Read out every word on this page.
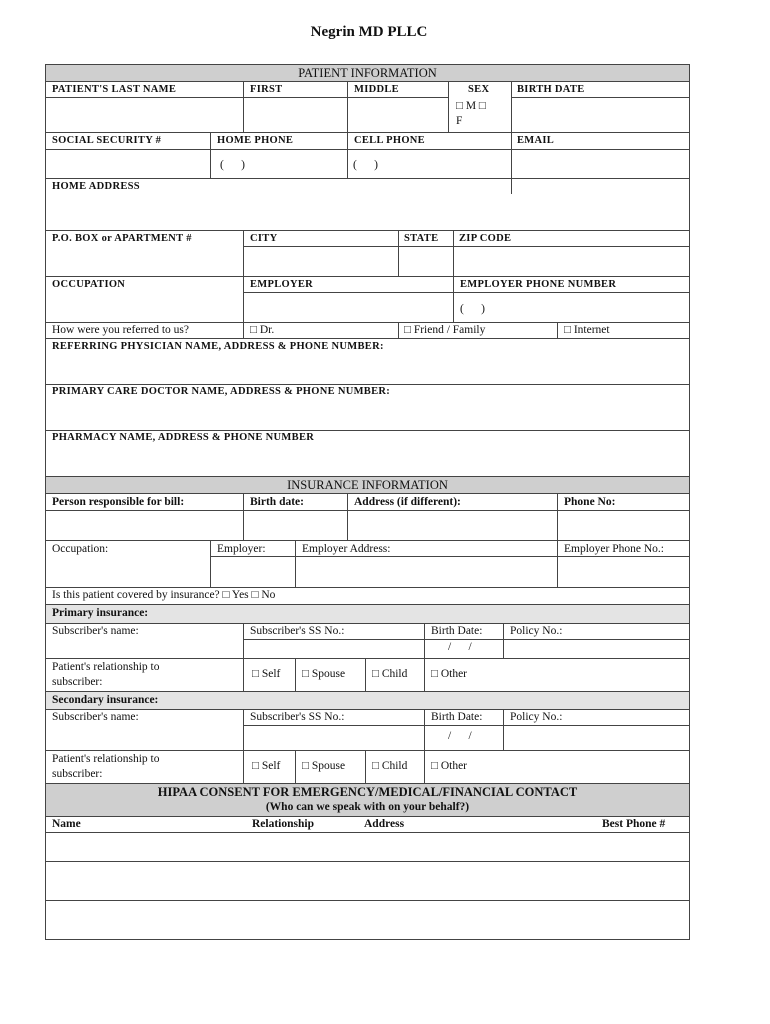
Negrin MD PLLC
PATIENT INFORMATION
PATIENT'S LAST NAME	FIRST	MIDDLE	SEX	BIRTH DATE
□ M □
F
SOCIAL SECURITY #	HOME PHONE	CELL PHONE	EMAIL
(      )	(      )
HOME ADDRESS
P.O. BOX or APARTMENT #	CITY	STATE ZIP CODE
OCCUPATION	EMPLOYER	EMPLOYER PHONE NUMBER
(      )
How were you referred to us?	□ Dr.	□ Friend / Family	□ Internet
REFERRING PHYSICIAN NAME, ADDRESS & PHONE NUMBER:
PRIMARY CARE DOCTOR NAME, ADDRESS & PHONE NUMBER:
PHARMACY NAME, ADDRESS & PHONE NUMBER
INSURANCE INFORMATION
Person responsible for bill:	Birth date:	Address (if different):	Phone No:
Occupation:	Employer:	Employer Address:	Employer Phone No.:
Is this patient covered by insurance? □ Yes □ No
Primary insurance:
Subscriber's name:	Subscriber's SS No.:	Birth Date: Policy No.:
/      /
Patient's relationship to
subscriber:
□ Self □ Spouse □ Child □ Other
Secondary insurance:
Subscriber's name:	Subscriber's SS No.:	Birth Date: Policy No.:
/      /
Patient's relationship to
subscriber:
□ Self □ Spouse □ Child □ Other
HIPAA CONSENT FOR EMERGENCY/MEDICAL/FINANCIAL CONTACT
(Who can we speak with on your behalf?)
Name	Relationship	Address	Best Phone #
